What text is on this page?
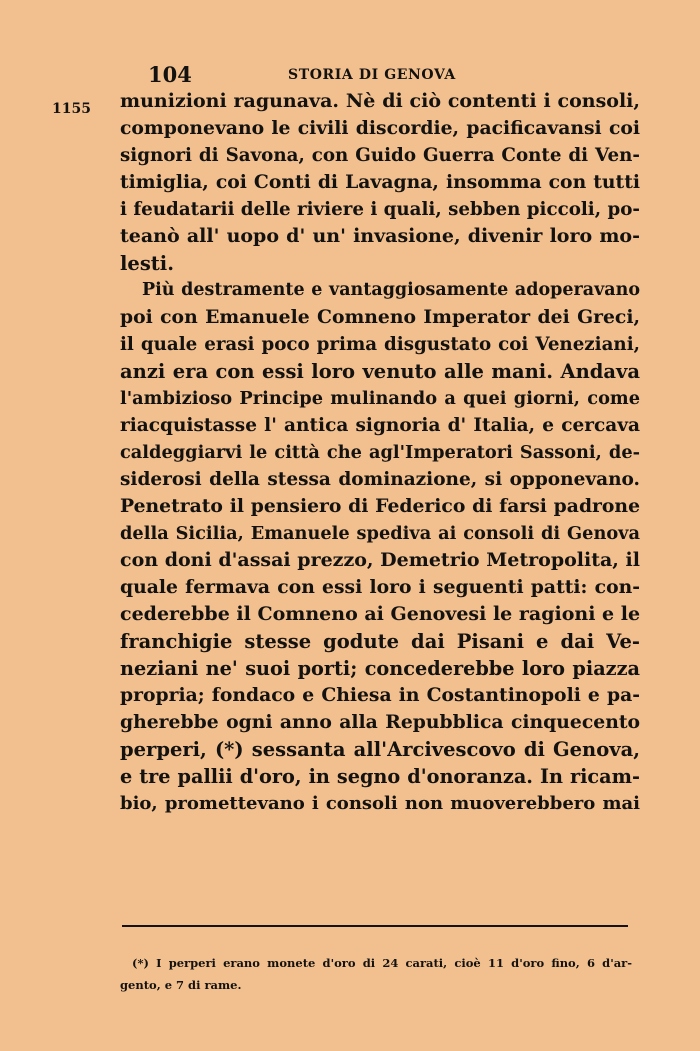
104	STORIA DI GENOVA
1155 munizioni ragunava. Nè di ciò contenti i consoli,
componevano le civili discordie, pacificavansi coi
signori di Savona, con Guido Guerra Conte di Ven-
timiglia, coi Conti di Lavagna, insomma con tutti
i feudatarii delle riviere i quali, sebben piccoli, po-
teanò all' uopo d' un' invasione, divenir loro mo-
lesti.
Più destramente e vantaggiosamente adoperavano
poi con Emanuele Comneno Imperator dei Greci,
il quale erasi poco prima disgustato coi Veneziani,
anzi era con essi loro venuto alle mani. Andava
l'ambizioso Principe mulinando a quei giorni, come
riacquistasse l' antica signoria d' Italia, e cercava
caldeggiarvi le città che agl'Imperatori Sassoni, de-
siderosi della stessa dominazione, si opponevano.
Penetrato il pensiero di Federico di farsi padrone
della Sicilia, Emanuele spediva ai consoli di Genova
con doni d'assai prezzo, Demetrio Metropolita, il
quale fermava con essi loro i seguenti patti: con-
cederebbe il Comneno ai Genovesi le ragioni e le
franchigie stesse godute dai Pisani e dai Ve-
neziani ne' suoi porti; concederebbe loro piazza
propria; fondaco e Chiesa in Costantinopoli e pa-
gherebbe ogni anno alla Repubblica cinquecento
perperi, (*) sessanta all'Arcivescovo di Genova,
e tre pallii d'oro, in segno d'onoranza. In ricam-
bio, promettevano i consoli non muoverebbero mai
(*) I perperi erano monete d'oro di 24 carati, cioè 11 d'oro fino, 6 d'ar-
gento, e 7 di rame.
